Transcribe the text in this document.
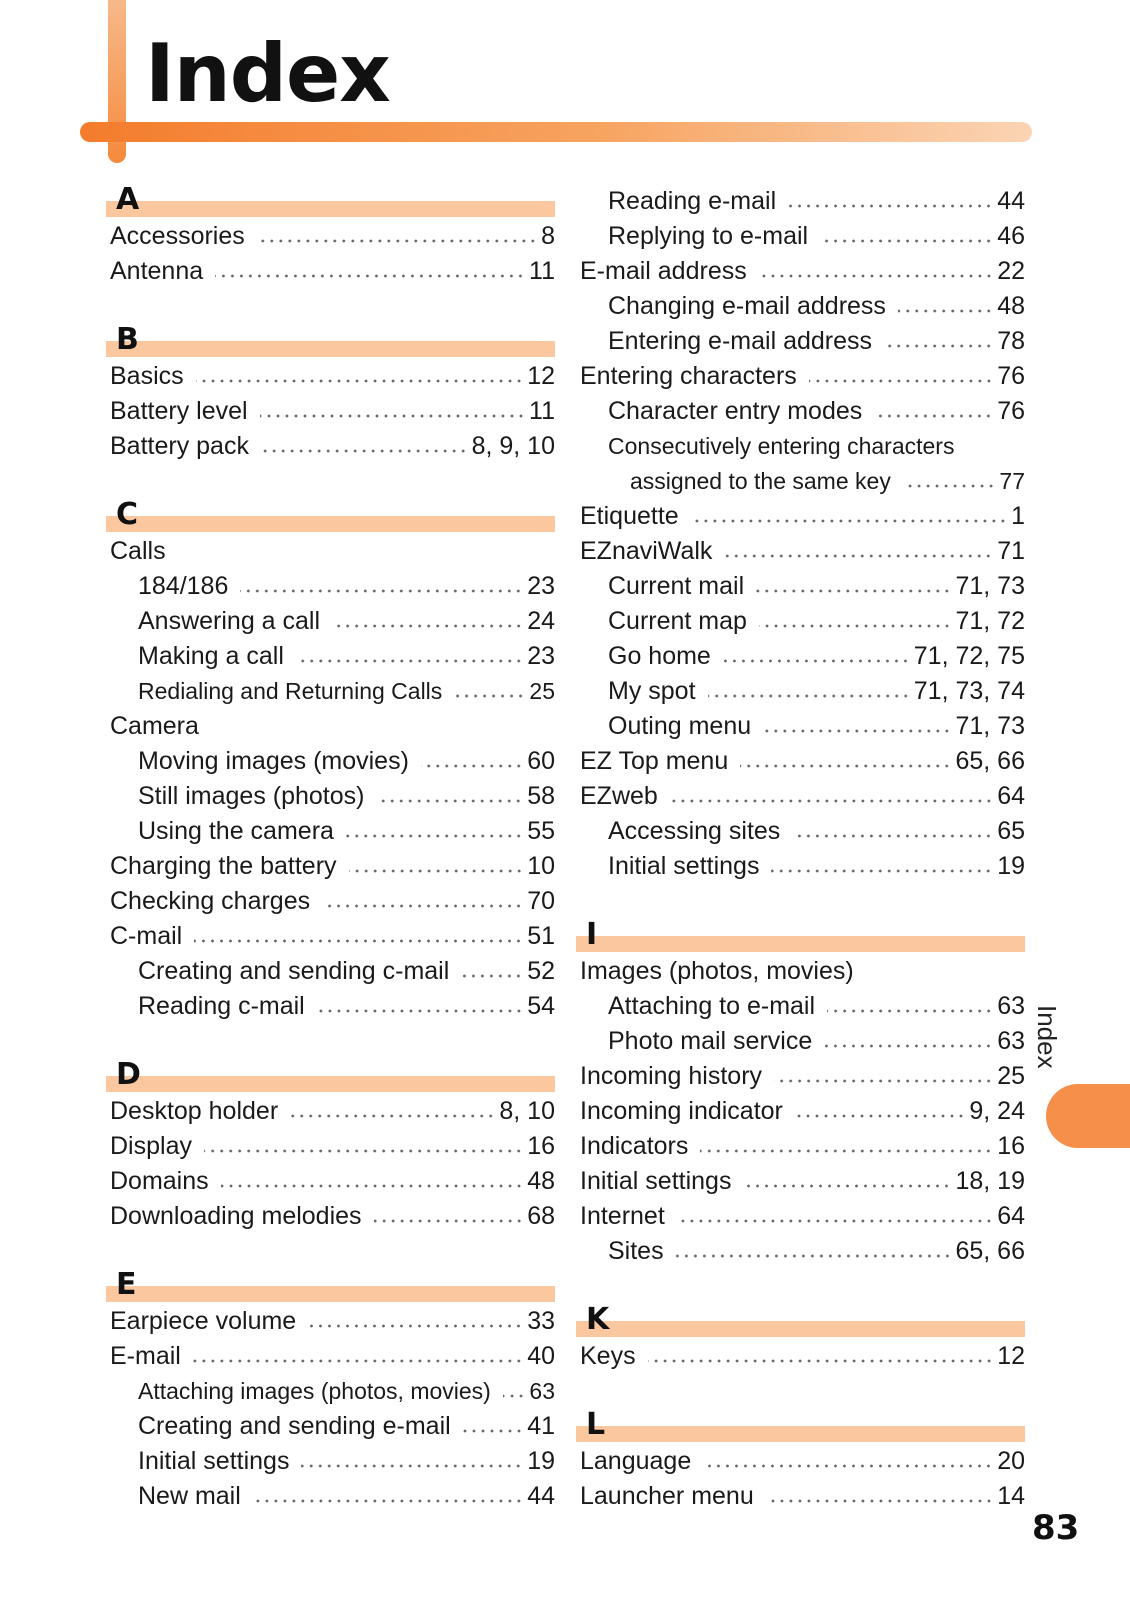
Index
A
Accessories	8
Antenna	11
B
Basics	12
Battery level	11
Battery pack	8, 9, 10
C
Calls
184/186	23
Answering a call	24
Making a call	23
Redialing and Returning Calls	25
Camera
Moving images (movies)	60
Still images (photos)	58
Using the camera	55
Charging the battery	10
Checking charges	70
C-mail	51
Creating and sending c-mail	52
Reading c-mail	54
D
Desktop holder	8, 10
Display	16
Domains	48
Downloading melodies	68
E
Earpiece volume	33
E-mail	40
Attaching images (photos, movies) 63
Creating and sending e-mail	41
Initial settings	19
New mail	44
Reading e-mail	44
Replying to e-mail	46
E-mail address	22
Changing e-mail address	48
Entering e-mail address	78
Entering characters	76
Character entry modes	76
Consecutively entering characters
assigned to the same key	77
Etiquette	1
EZnaviWalk	71
Current mail	71, 73
Current map	71, 72
Go home	71, 72, 75
My spot	71, 73, 74
Outing menu	71, 73
EZ Top menu	65, 66
EZweb	64
Accessing sites	65
Initial settings	19
I
Images (photos, movies)
Attaching to e-mail	63
Photo mail service	63
Incoming history	25
Incoming indicator	9, 24
Indicators	16
Initial settings	18, 19
Internet	64
Sites	65, 66
K
Keys	12
L
Language	20
Launcher menu	14
Index
83
